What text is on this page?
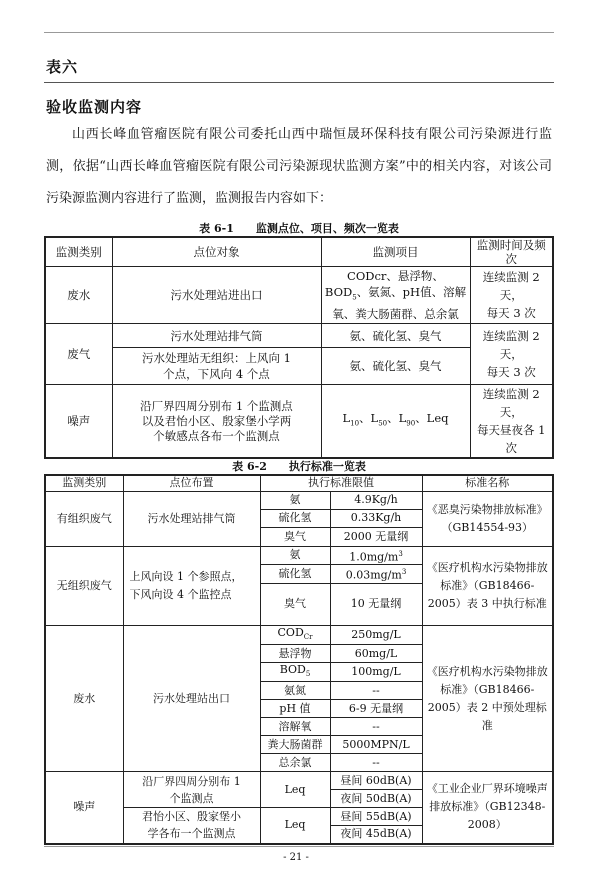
表六
验收监测内容

山西长峰血管瘤医院有限公司委托山西中瑞恒晟环保科技有限公司污染源进行监测，依据“山西长峰血管瘤医院有限公司污染源现状监测方案”中的相关内容，对该公司污染源监测内容进行了监测，监测报告内容如下：

表 6-1　　监测点位、项目、频次一览表
监测类别	点位对象	监测项目	监测时间及频次
废水	污水处理站进出口	CODcr、悬浮物、
$BOD_5$、氨氮、pH值、溶解
氧、粪大肠菌群、总余氯	连续监测 2 天，
每天 3 次
废气	污水处理站排气筒	氨、硫化氢、臭气	连续监测 2 天，
每天 3 次
	污水处理站无组织：上风向 1
个点，下风向 4 个点	氨、硫化氢、臭气	
噪声	沿厂界四周分别布 1 个监测点
以及君怡小区、殷家堡小学两
个敏感点各布一个监测点	$L_{10}$、$L_{50}$、$L_{90}$、Leq	连续监测 2 天，
每天昼夜各 1 次
表 6-2　　执行标准一览表
监测类别	点位布置	执行标准限值		标准名称
有组织废气	污水处理站排气筒	氨	4.9Kg/h	《恶臭污染物排放标准》（GB14554-93）
		硫化氢	0.33Kg/h	
		臭气	2000 无量纲	
无组织废气	上风向设 1 个参照点，
下风向设 4 个监控点	氨	$1.0mg/m^3$	《医疗机构水污染物排放标准》（GB18466-2005）表 3 中执行标准
		硫化氢	$0.03mg/m^3$
		臭气	10 无量纲	
废水	污水处理站出口	$COD_{Cr}$	250mg/L	《医疗机构水污染物排放标准》（GB18466-2005）表 2 中预处理标准
		悬浮物	60mg/L	
		$BOD_5$	100mg/L	
		氨氮	--	
		pH 值	6-9 无量纲	
		溶解氧	--	
		粪大肠菌群	5000MPN/L	
		总余氯	--	
噪声	沿厂界四周分别布 1
个监测点	Leq	昼间 60dB(A)	《工业企业厂界环境噪声排放标准》（GB12348-2008）
			夜间 50dB(A)	
	君怡小区、殷家堡小
学各布一个监测点	Leq	昼间 55dB(A)	
			夜间 45dB(A)	
- 21 -
